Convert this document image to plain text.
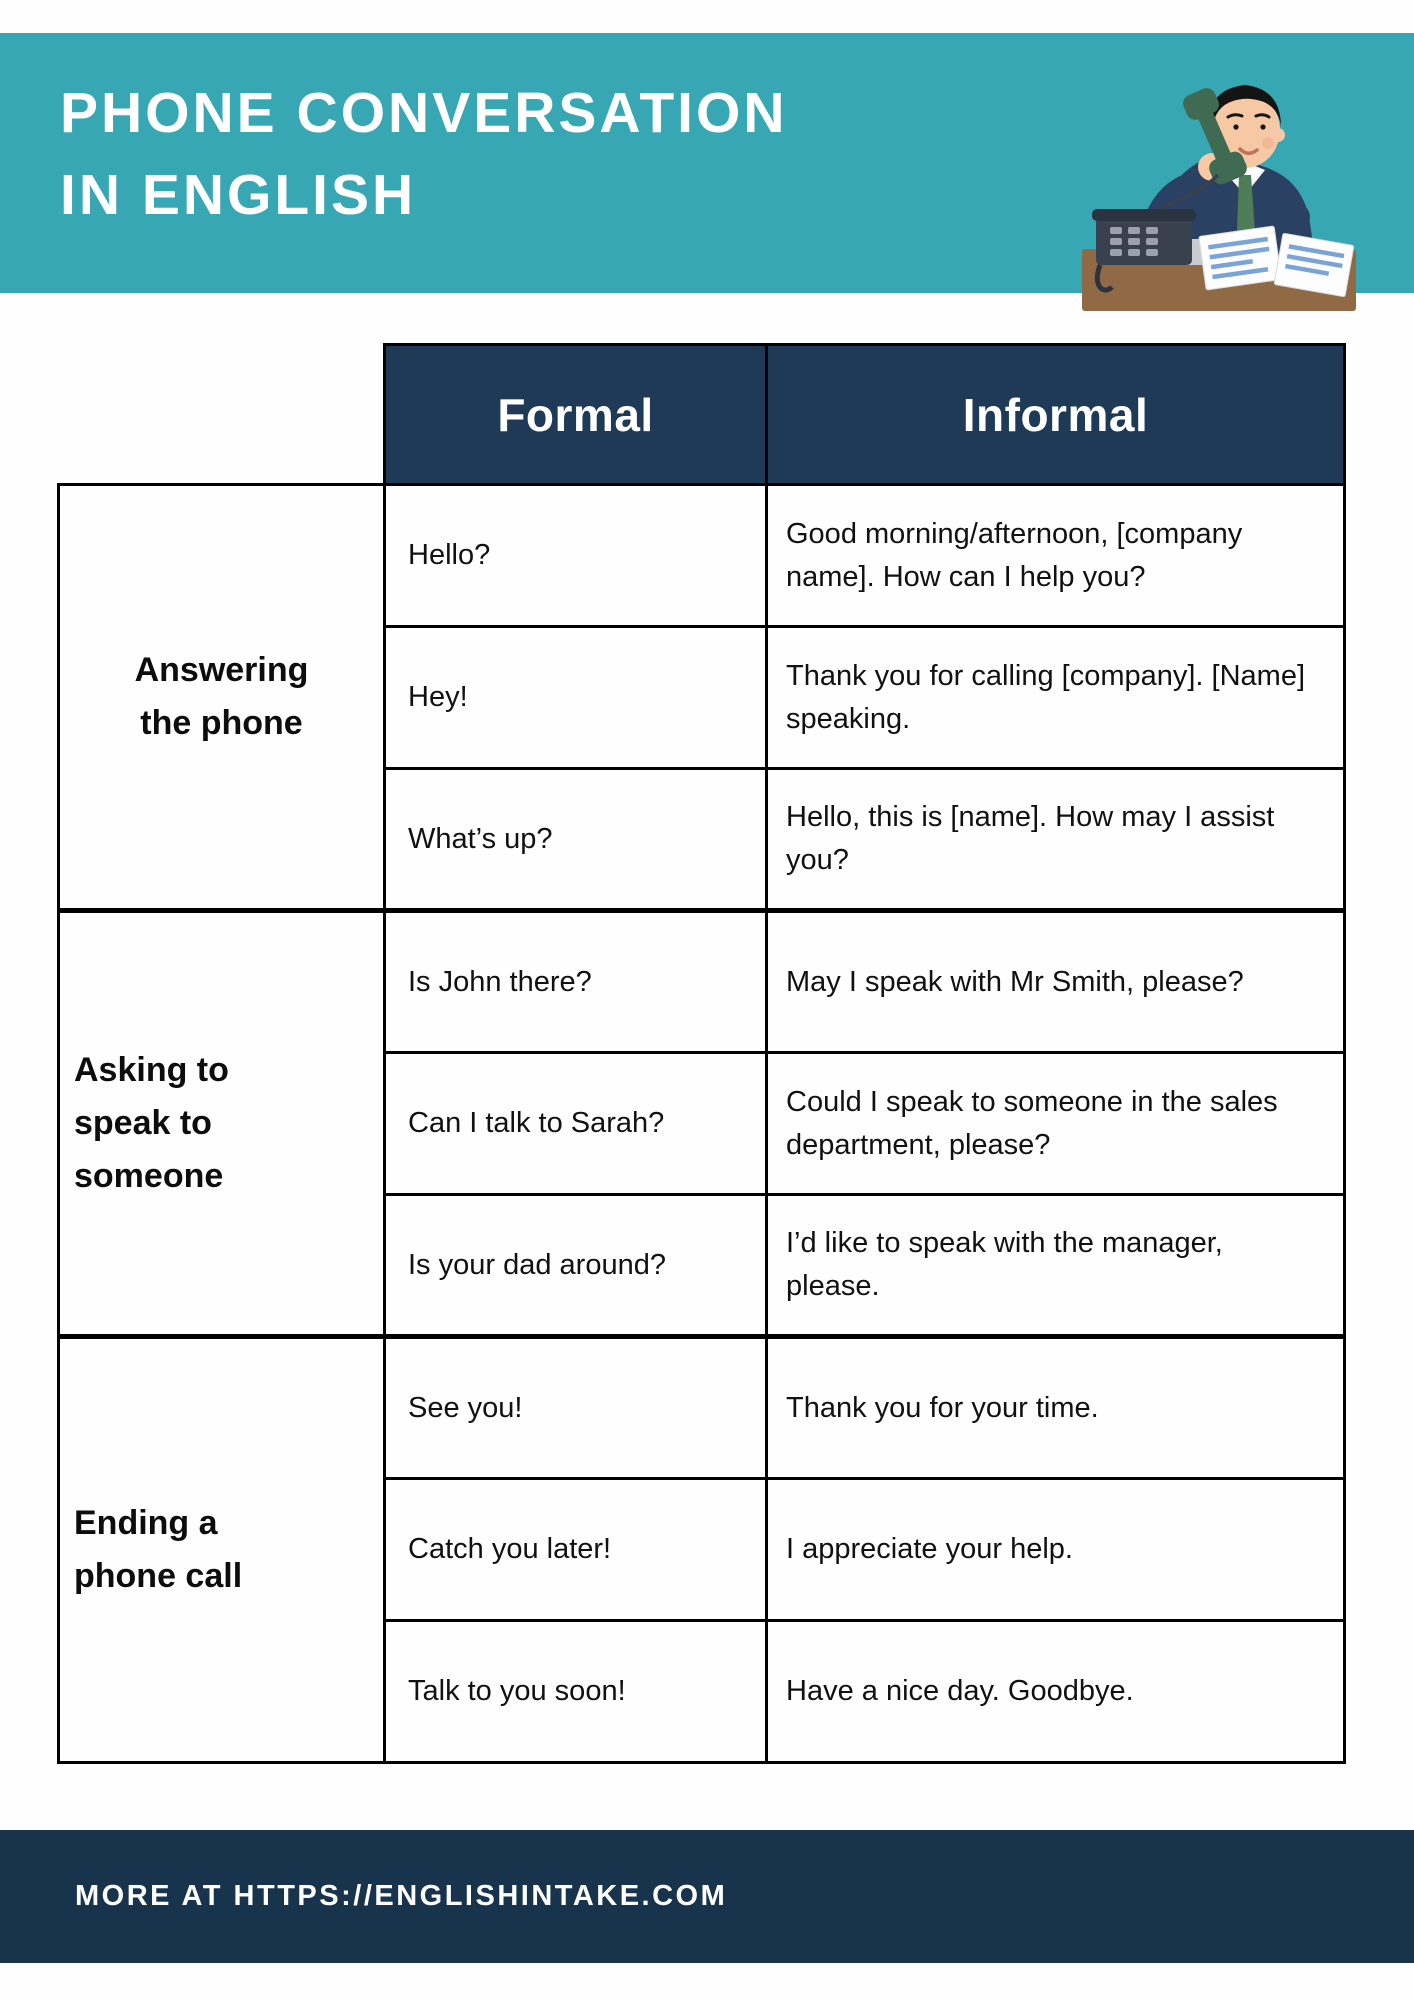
PHONE CONVERSATION
IN ENGLISH
	Formal	Informal

Answering
the phone	Hello?	Good morning/afternoon, [company name]. How can I help you?
	Hey!	Thank you for calling [company]. [Name] speaking.
	What’s up?	Hello, this is [name]. How may I assist you?

Asking to
speak to
someone	Is John there?	May I speak with Mr Smith, please?
	Can I talk to Sarah?	Could I speak to someone in the sales department, please?
	Is your dad around?	I’d like to speak with the manager, please.

Ending a
phone call	See you!	Thank you for your time.
	Catch you later!	I appreciate your help.
	Talk to you soon!	Have a nice day. Goodbye.
MORE AT HTTPS://ENGLISHINTAKE.COM
